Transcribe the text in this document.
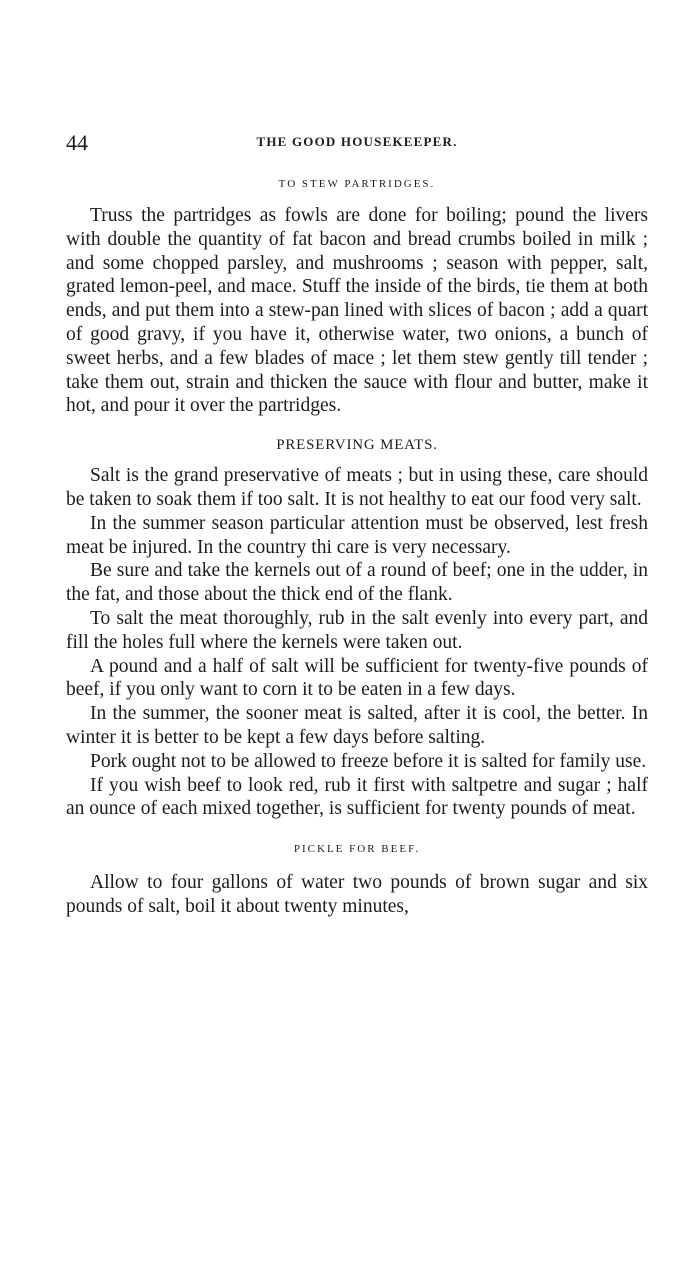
44	THE GOOD HOUSEKEEPER.
TO STEW PARTRIDGES.

Truss the partridges as fowls are done for boiling; pound the livers with double the quantity of fat bacon and bread crumbs boiled in milk ; and some chopped parsley, and mushrooms ; season with pepper, salt, grated lemon-peel, and mace. Stuff the inside of the birds, tie them at both ends, and put them into a stew-pan lined with slices of bacon ; add a quart of good gravy, if you have it, otherwise water, two onions, a bunch of sweet herbs, and a few blades of mace ; let them stew gently till tender ; take them out, strain and thicken the sauce with flour and butter, make it hot, and pour it over the partridges.

PRESERVING MEATS.

Salt is the grand preservative of meats ; but in using these, care should be taken to soak them if too salt. It is not healthy to eat our food very salt.

In the summer season particular attention must be observed, lest fresh meat be injured. In the country thi care is very necessary.

Be sure and take the kernels out of a round of beef; one in the udder, in the fat, and those about the thick end of the flank.

To salt the meat thoroughly, rub in the salt evenly into every part, and fill the holes full where the kernels were taken out.

A pound and a half of salt will be sufficient for twenty-five pounds of beef, if you only want to corn it to be eaten in a few days.

In the summer, the sooner meat is salted, after it is cool, the better. In winter it is better to be kept a few days before salting.

Pork ought not to be allowed to freeze before it is salted for family use.

If you wish beef to look red, rub it first with saltpetre and sugar ; half an ounce of each mixed together, is sufficient for twenty pounds of meat.

PICKLE FOR BEEF.

Allow to four gallons of water two pounds of brown sugar and six pounds of salt, boil it about twenty minutes,
